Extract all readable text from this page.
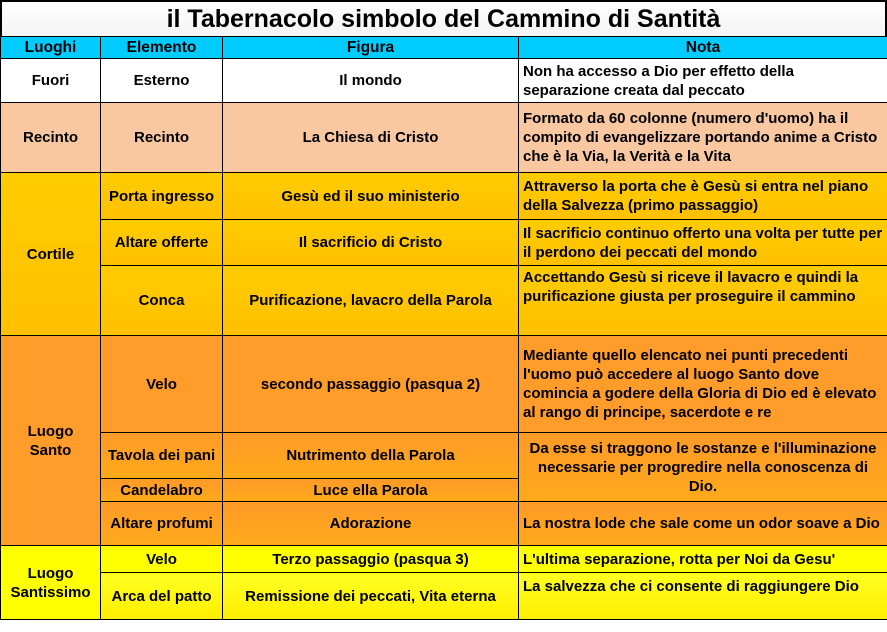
il Tabernacolo simbolo del Cammino di Santità
Luoghi	Elemento	Figura	Nota
Fuori	Esterno	Il mondo	Non ha accesso a Dio per effetto della separazione creata dal peccato
Recinto	Recinto	La Chiesa di Cristo	Formato da 60 colonne (numero d'uomo) ha il compito di evangelizzare portando anime a Cristo che è la Via, la Verità e la Vita
Cortile	Porta ingresso	Gesù ed il suo ministerio	Attraverso la porta che è Gesù si entra nel piano della Salvezza (primo passaggio)
	Altare offerte	Il sacrificio di Cristo	Il sacrificio continuo offerto una volta per tutte per il perdono dei peccati del mondo
	Conca	Purificazione, lavacro della Parola	Accettando Gesù si riceve il lavacro e quindi la purificazione giusta per proseguire il cammino
Luogo Santo	Velo	secondo passaggio (pasqua 2)	Mediante quello elencato nei punti precedenti l'uomo può accedere al luogo Santo dove comincia a godere della Gloria di Dio ed è elevato al rango di principe, sacerdote e re
	Tavola dei pani	Nutrimento della Parola	Da esse si traggono le sostanze e l'illuminazione necessarie per progredire nella conoscenza di Dio.
	Candelabro	Luce ella Parola	
	Altare profumi	Adorazione	La nostra lode che sale come un odor soave a Dio
Luogo Santissimo	Velo	Terzo passaggio (pasqua 3)	L'ultima separazione, rotta per Noi da Gesu'
	Arca del patto	Remissione dei peccati, Vita eterna	La salvezza che ci consente di raggiungere Dio
